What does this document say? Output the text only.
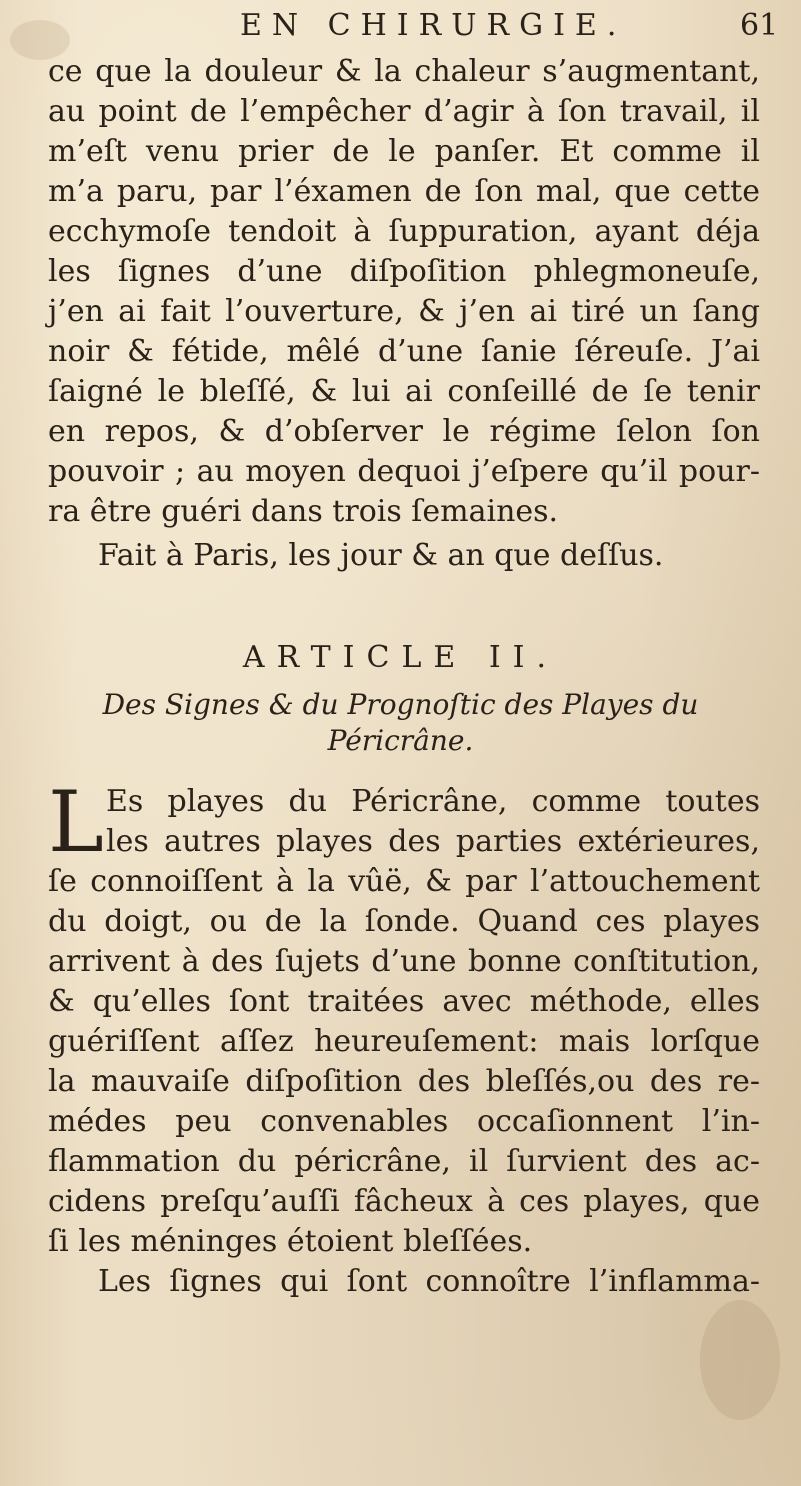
EN CHIRURGIE.	61
ce que la douleur & la chaleur s’augmentant,
au point de l’empêcher d’agir à ſon travail, il
m’eſt venu prier de le panſer. Et comme il
m’a paru, par l’éxamen de ſon mal, que cette
ecchymoſe tendoit à ſuppuration, ayant déja
les ſignes d’une diſpoſition phlegmoneuſe,
j’en ai fait l’ouverture, & j’en ai tiré un ſang
noir & fétide, mêlé d’une ſanie ſéreuſe. J’ai
ſaigné le bleſſé, & lui ai conſeillé de ſe tenir
en repos, & d’obſerver le régime ſelon ſon
pouvoir ; au moyen dequoi j’eſpere qu’il pour-
ra être guéri dans trois ſemaines.
Fait à Paris, les jour & an que deſſus.
ARTICLE II.
Des Signes & du Prognoſtic des Playes du
Péricrâne.
L Es playes du Péricrâne, comme toutes
les autres playes des parties extérieures,
ſe connoiſſent à la vûë, & par l’attouchement
du doigt, ou de la ſonde. Quand ces playes
arrivent à des ſujets d’une bonne conſtitution,
& qu’elles ſont traitées avec méthode, elles
guériſſent aſſez heureuſement: mais lorſque
la mauvaiſe diſpoſition des bleſſés,ou des re-
médes peu convenables occaſionnent l’in-
flammation du péricrâne, il ſurvient des ac-
cidens preſqu’auſſi fâcheux à ces playes, que
ſi les méninges étoient bleſſées.
Les ſignes qui ſont connoître l’inflamma-
